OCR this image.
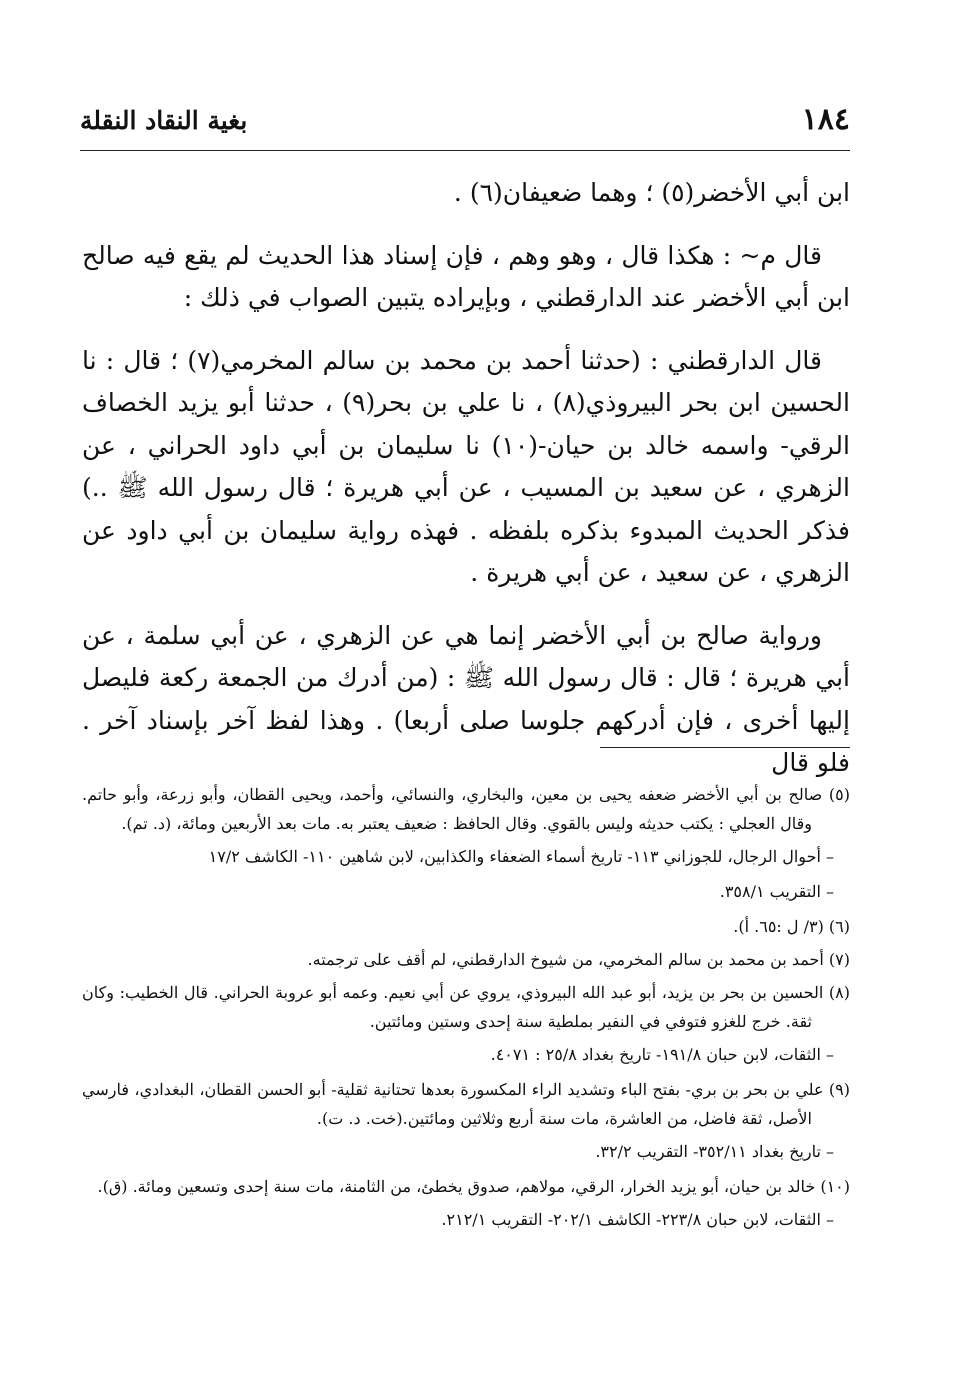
١٨٤
بغية النقاد النقلة

ابن أبي الأخضر(٥) ؛ وهما ضعيفان(٦) .

قال م~ : هكذا قال ، وهو وهم ، فإن إسناد هذا الحديث لم يقع فيه صالح ابن أبي الأخضر عند الدارقطني ، وبإيراده يتبين الصواب في ذلك :

قال الدارقطني : (حدثنا أحمد بن محمد بن سالم المخرمي(٧) ؛ قال : نا الحسين ابن بحر البيروذي(٨) ، نا علي بن بحر(٩) ، حدثنا أبو يزيد الخصاف الرقي- واسمه خالد بن حيان-(١٠) نا سليمان بن أبي داود الحراني ، عن الزهري ، عن سعيد بن المسيب ، عن أبي هريرة ؛ قال رسول الله ﷺ ..) فذكر الحديث المبدوء بذكره بلفظه . فهذه رواية سليمان بن أبي داود عن الزهري ، عن سعيد ، عن أبي هريرة .

ورواية صالح بن أبي الأخضر إنما هي عن الزهري ، عن أبي سلمة ، عن أبي هريرة ؛ قال : قال رسول الله ﷺ : (من أدرك من الجمعة ركعة فليصل إليها أخرى ، فإن أدركهم جلوسا صلى أربعا) . وهذا لفظ آخر بإسناد آخر . فلو قال

(٥) صالح بن أبي الأخضر ضعفه يحيى بن معين، والبخاري، والنسائي، وأحمد، ويحيى القطان، وأبو زرعة، وأبو حاتم. وقال العجلي : يكتب حديثه وليس بالقوي. وقال الحافظ : ضعيف يعتبر به. مات بعد الأربعين ومائة، (د. تم).

– أحوال الرجال، للجوزاني ١١٣- تاريخ أسماء الضعفاء والكذابين، لابن شاهين ١١٠- الكاشف ١٧/٢

– التقريب ٣٥٨/١.

(٦) (٣/ ل :٦٥. أ).

(٧) أحمد بن محمد بن سالم المخرمي، من شيوخ الدارقطني، لم أقف على ترجمته.

(٨) الحسين بن بحر بن يزيد، أبو عبد الله البيروذي، يروي عن أبي نعيم. وعمه أبو عروبة الحراني. قال الخطيب: وكان ثقة. خرج للغزو فتوفي في النفير بملطية سنة إحدى وستين ومائتين.

– الثقات، لابن حبان ١٩١/٨- تاريخ بغداد ٢٥/٨ : ٤٠٧١.

(٩) علي بن بحر بن بري- بفتح الباء وتشديد الراء المكسورة بعدها تحتانية ثقلية- أبو الحسن القطان، البغدادي، فارسي الأصل، ثقة فاضل، من العاشرة، مات سنة أربع وثلاثين ومائتين.(خت. د. ت).

– تاريخ بغداد ٣٥٢/١١- التقريب ٣٢/٢.

(١٠) خالد بن حيان، أبو يزيد الخرار، الرقي، مولاهم، صدوق يخطئ، من الثامنة، مات سنة إحدى وتسعين ومائة. (ق).

– الثقات، لابن حبان ٢٢٣/٨- الكاشف ٢٠٢/١- التقريب ٢١٢/١.
